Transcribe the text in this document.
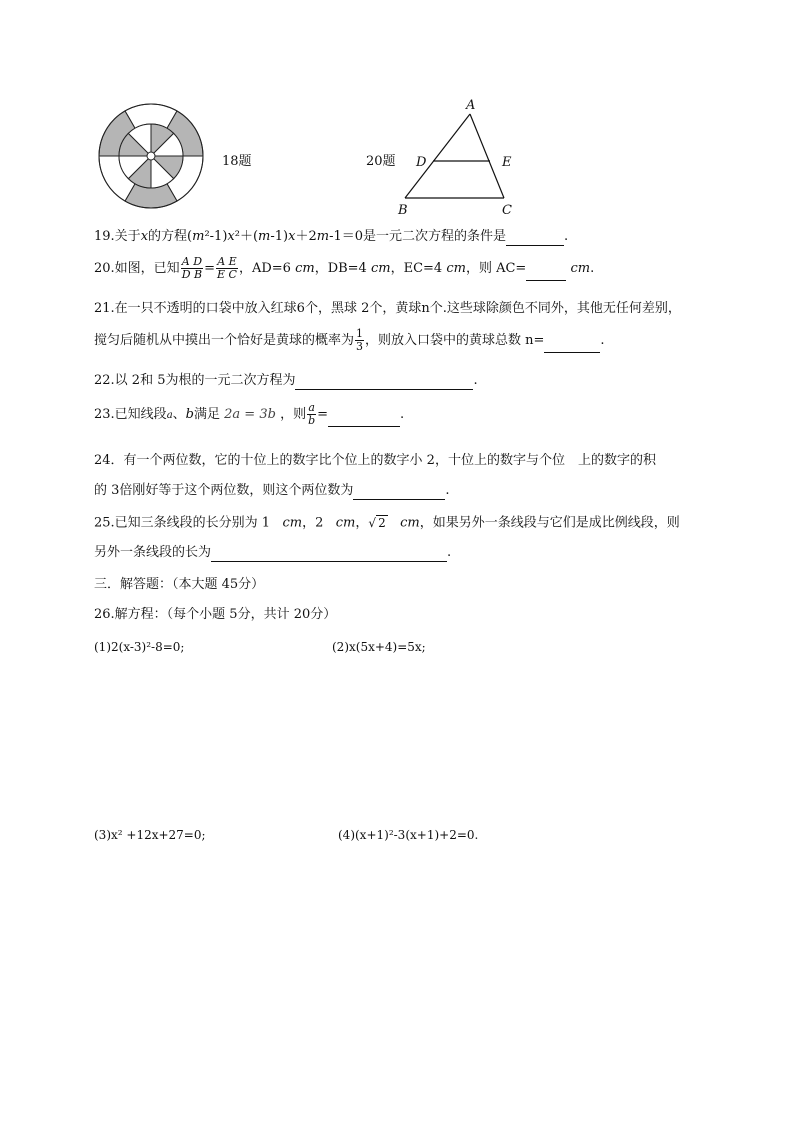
18题	20题
A
D	E
B	C
19.关于x的方程(m²-1)x²＋(m-1)x＋2m-1＝0是一元二次方程的条件是	.
20.如图，已知 $\frac{\text{A D}}{\text{D B}} = \frac{\text{A E}}{\text{E C}}$ ，AD=6 cm，DB=4 cm，EC=4 cm，则 AC=	cm.
21.在一只不透明的口袋中放入红球6个，黑球 2个，黄球n个.这些球除颜色不同外，其他无任何差别，
搅匀后随机从中摸出一个恰好是黄球的概率为 $\frac{1}{3}$ ，则放入口袋中的黄球总数 n=	.
22.以 2和 5为根的一元二次方程为	.
23.已知线段a、b满足 2a = 3b ，则 $\frac{a}{b}$ =	.
24．有一个两位数，它的十位上的数字比个位上的数字小 2，十位上的数字与个位　上的数字的积
的 3倍刚好等于这个两位数，则这个两位数为	.
25.已知三条线段的长分别为 1 cm，2 cm，√ 2 cm，如果另外一条线段与它们是成比例线段，则
另外一条线段的长为	.
三．解答题：（本大题 45分）
26.解方程：（每个小题 5分，共计 20分）
(1)2(x-3)²-8=0;	(2)x(5x+4)=5x;
(3)x² +12x+27=0;	(4)(x+1)²-3(x+1)+2=0.
